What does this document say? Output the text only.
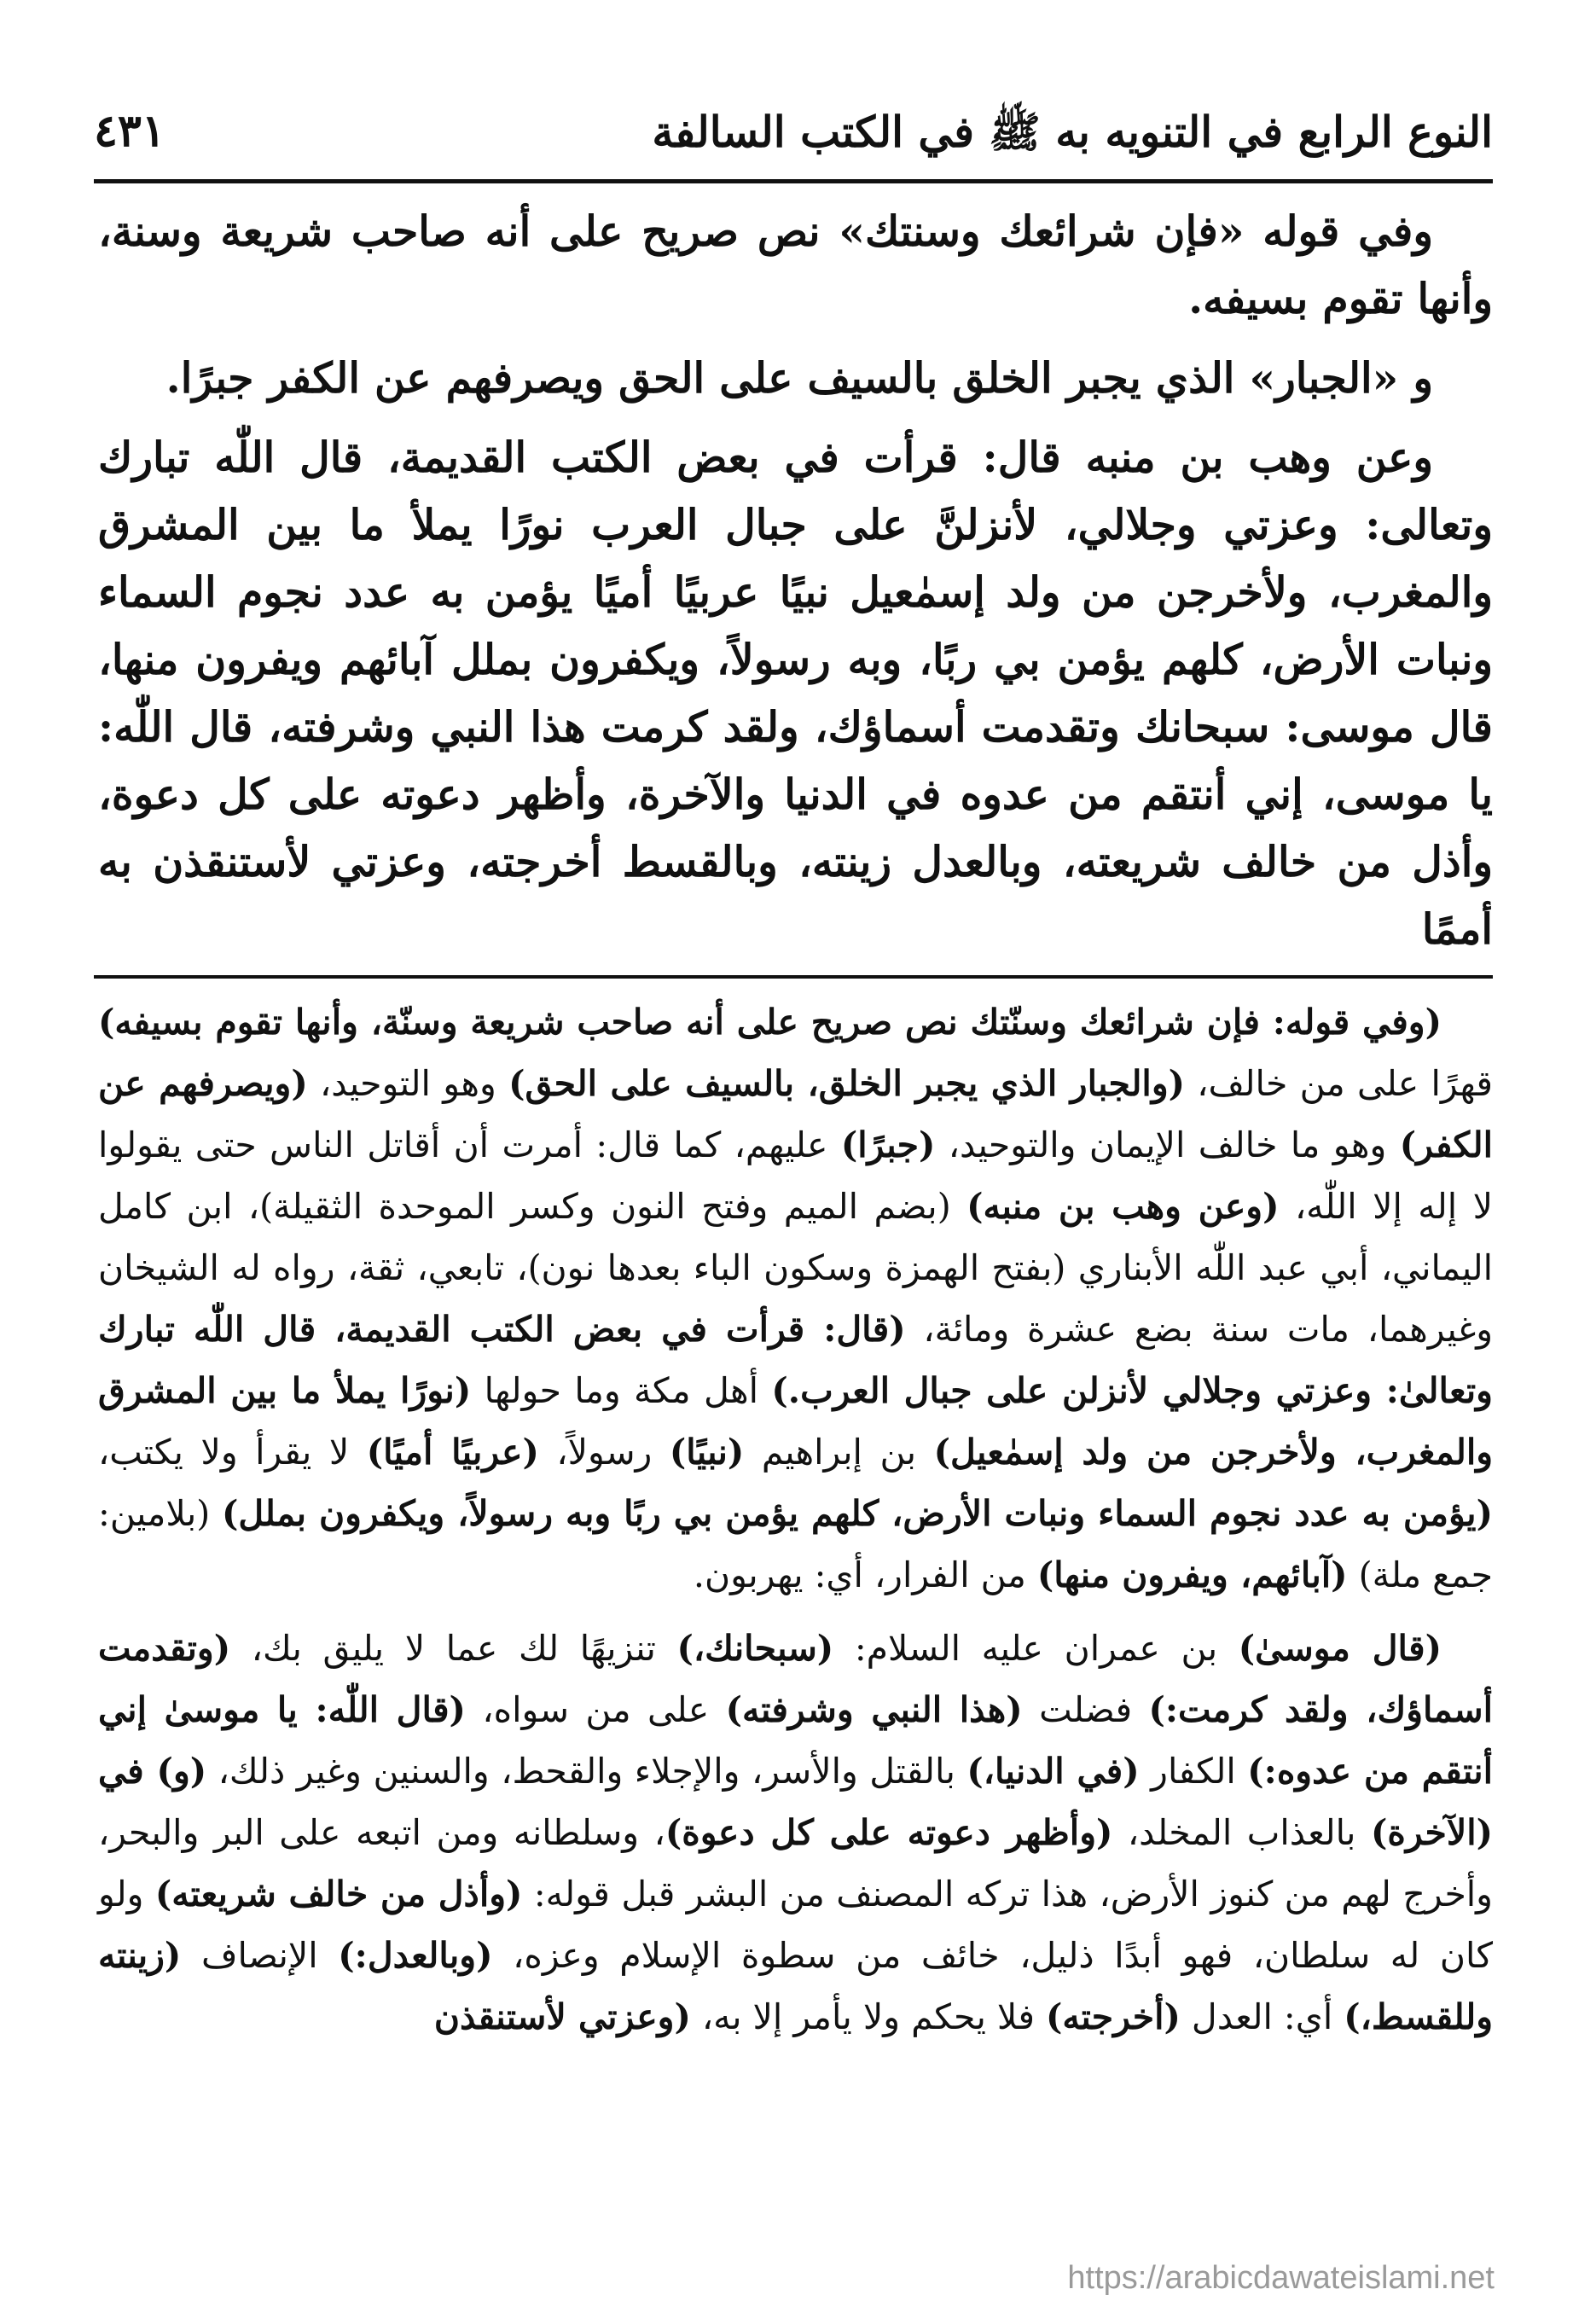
النوع الرابع في التنويه به ﷺ في الكتب السالفة
٤٣١

وفي قوله «فإن شرائعك وسنتك» نص صريح على أنه صاحب شريعة وسنة، وأنها تقوم بسيفه.

و «الجبار» الذي يجبر الخلق بالسيف على الحق ويصرفهم عن الكفر جبرًا.

وعن وهب بن منبه قال: قرأت في بعض الكتب القديمة، قال اللّٰه تبارك وتعالى: وعزتي وجلالي، لأنزلنَّ على جبال العرب نورًا يملأ ما بين المشرق والمغرب، ولأخرجن من ولد إسمٰعيل نبيًا عربيًا أميًا يؤمن به عدد نجوم السماء ونبات الأرض، كلهم يؤمن بي ربًا، وبه رسولاً، ويكفرون بملل آبائهم ويفرون منها، قال موسى: سبحانك وتقدمت أسماؤك، ولقد كرمت هذا النبي وشرفته، قال اللّٰه: يا موسى، إني أنتقم من عدوه في الدنيا والآخرة، وأظهر دعوته على كل دعوة، وأذل من خالف شريعته، وبالعدل زينته، وبالقسط أخرجته، وعزتي لأستنقذن به أممًا

(وفي قوله: فإن شرائعك وسنّتك نص صريح على أنه صاحب شريعة وسنّة، وأنها تقوم بسيفه) قهرًا على من خالف، (والجبار الذي يجبر الخلق، بالسيف على الحق) وهو التوحيد، (ويصرفهم عن الكفر) وهو ما خالف الإيمان والتوحيد، (جبرًا) عليهم، كما قال: أمرت أن أقاتل الناس حتى يقولوا لا إله إلا اللّٰه، (وعن وهب بن منبه) (بضم الميم وفتح النون وكسر الموحدة الثقيلة)، ابن كامل اليماني، أبي عبد اللّٰه الأبناري (بفتح الهمزة وسكون الباء بعدها نون)، تابعي، ثقة، رواه له الشيخان وغيرهما، مات سنة بضع عشرة ومائة، (قال: قرأت في بعض الكتب القديمة، قال اللّٰه تبارك وتعالىٰ: وعزتي وجلالي لأنزلن على جبال العرب.) أهل مكة وما حولها (نورًا يملأ ما بين المشرق والمغرب، ولأخرجن من ولد إسمٰعيل) بن إبراهيم (نبيًا) رسولاً، (عربيًا أميًا) لا يقرأ ولا يكتب، (يؤمن به عدد نجوم السماء ونبات الأرض، كلهم يؤمن بي ربًا وبه رسولاً، ويكفرون بملل) (بلامين: جمع ملة) (آبائهم، ويفرون منها) من الفرار، أي: يهربون.

(قال موسىٰ) بن عمران عليه السلام: (سبحانك،) تنزيهًا لك عما لا يليق بك، (وتقدمت أسماؤك، ولقد كرمت:) فضلت (هذا النبي وشرفته) على من سواه، (قال اللّٰه: يا موسىٰ إني أنتقم من عدوه:) الكفار (في الدنيا،) بالقتل والأسر، والإجلاء والقحط، والسنين وغير ذلك، (و) في (الآخرة) بالعذاب المخلد، (وأظهر دعوته على كل دعوة)، وسلطانه ومن اتبعه على البر والبحر، وأخرج لهم من كنوز الأرض، هذا تركه المصنف من البشر قبل قوله: (وأذل من خالف شريعته) ولو كان له سلطان، فهو أبدًا ذليل، خائف من سطوة الإسلام وعزه، (وبالعدل:) الإنصاف (زينته وللقسط،) أي: العدل (أخرجته) فلا يحكم ولا يأمر إلا به، (وعزتي لأستنقذن

https://arabicdawateislami.net
